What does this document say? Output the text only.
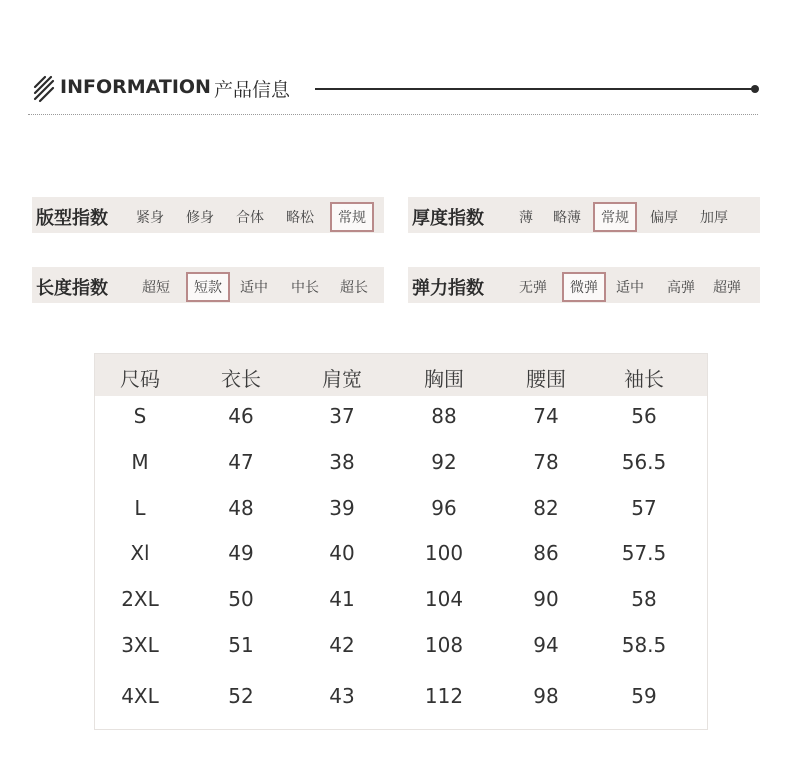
INFORMATION 产品信息
版型指数 紧身 修身 合体 略松	常规	厚度指数	薄 略薄	常规	偏厚 加厚
长度指数 超短	短款	适中 中长 超长 弹力指数	无弹	微弹	适中 高弹 超弹
尺码	衣长	肩宽	胸围	腰围	袖长
S	46	37	88	74	56
M	47	38	92	78	56.5
L	48	39	96	82	57
Xl	49	40	100	86	57.5
2XL	50	41	104	90	58
3XL	51	42	108	94	58.5
4XL	52	43	112	98	59
